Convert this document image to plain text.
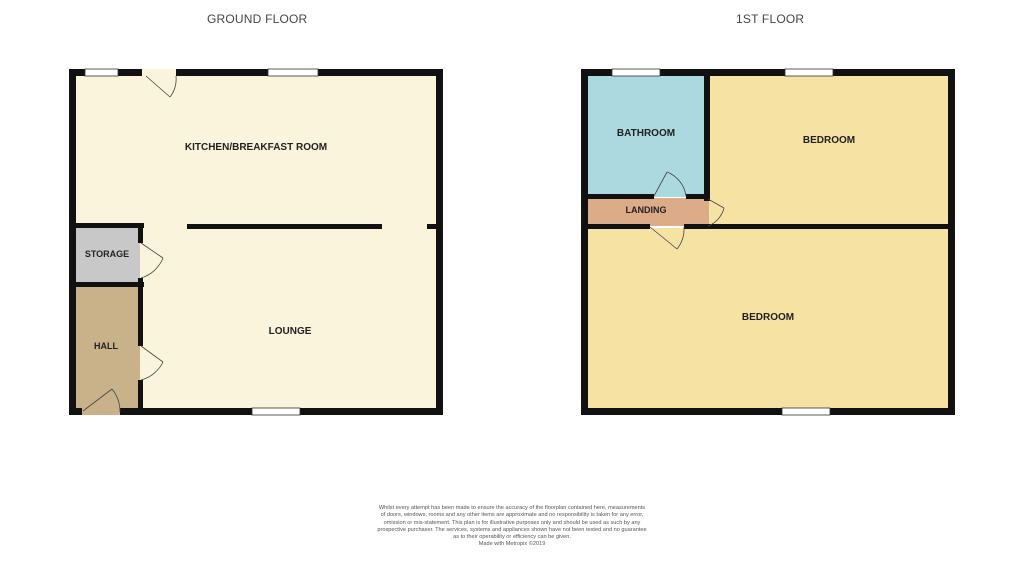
GROUND FLOOR	1ST FLOOR
KITCHEN/BREAKFAST ROOM
STORAGE
HALL
LOUNGE
BATHROOM
BEDROOM
LANDING
BEDROOM
Whilst every attempt has been made to ensure the accuracy of the floorplan contained here, measurements
of doors, windows, rooms and any other items are approximate and no responsibility is taken for any error,
omission or mis-statement. This plan is for illustrative purposes only and should be used as such by any
prospective purchaser. The services, systems and appliances shown have not been tested and no guarantee
as to their operability or efficiency can be given.
Made with Metropix ©2019
